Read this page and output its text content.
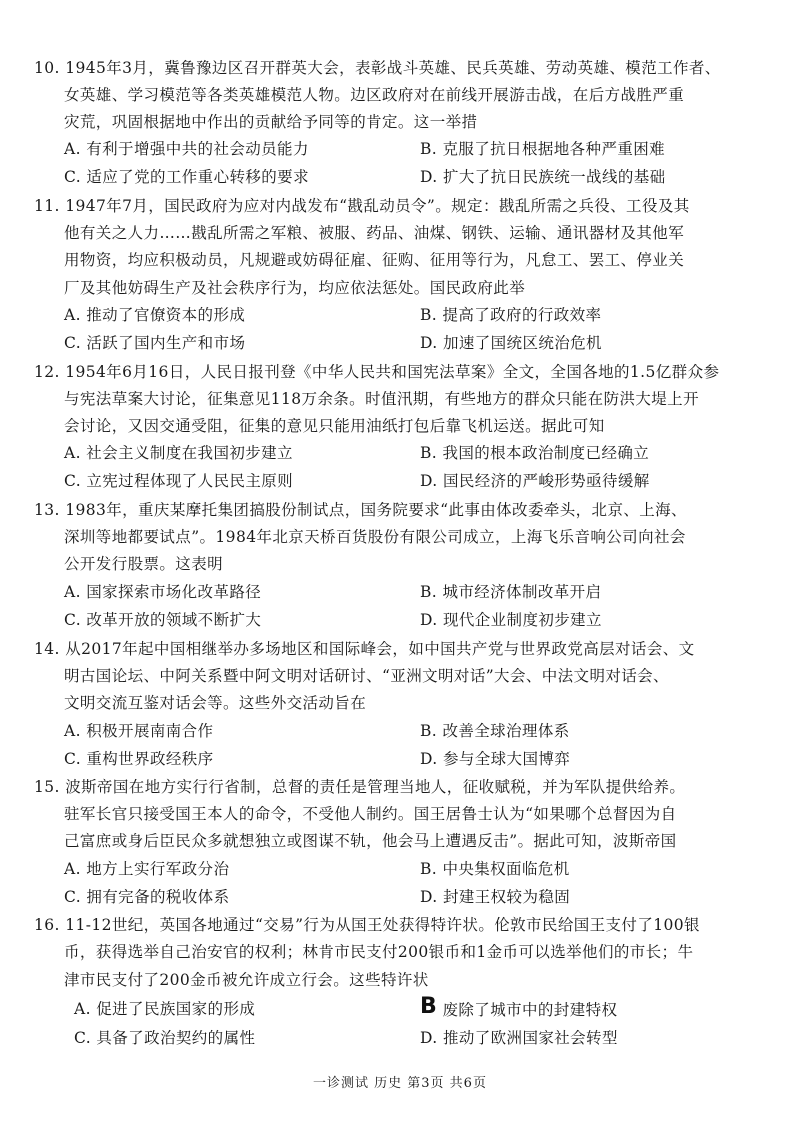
10. 1945年3月，冀鲁豫边区召开群英大会，表彰战斗英雄、民兵英雄、劳动英雄、模范工作者、
女英雄、学习模范等各类英雄模范人物。边区政府对在前线开展游击战，在后方战胜严重
灾荒，巩固根据地中作出的贡献给予同等的肯定。这一举措
A. 有利于增强中共的社会动员能力	B. 克服了抗日根据地各种严重困难
C. 适应了党的工作重心转移的要求	D. 扩大了抗日民族统一战线的基础
11. 1947年7月，国民政府为应对内战发布“戡乱动员令”。规定：戡乱所需之兵役、工役及其
他有关之人力……戡乱所需之军粮、被服、药品、油煤、钢铁、运输、通讯器材及其他军
用物资，均应积极动员，凡规避或妨碍征雇、征购、征用等行为，凡怠工、罢工、停业关
厂及其他妨碍生产及社会秩序行为，均应依法惩处。国民政府此举
A. 推动了官僚资本的形成	B. 提高了政府的行政效率
C. 活跃了国内生产和市场	D. 加速了国统区统治危机
12. 1954年6月16日，人民日报刊登《中华人民共和国宪法草案》全文，全国各地的1.5亿群众参
与宪法草案大讨论，征集意见118万余条。时值汛期，有些地方的群众只能在防洪大堤上开
会讨论，又因交通受阻，征集的意见只能用油纸打包后靠飞机运送。据此可知
A. 社会主义制度在我国初步建立	B. 我国的根本政治制度已经确立
C. 立宪过程体现了人民民主原则	D. 国民经济的严峻形势亟待缓解
13. 1983年，重庆某摩托集团搞股份制试点，国务院要求“此事由体改委牵头，北京、上海、
深圳等地都要试点”。1984年北京天桥百货股份有限公司成立，上海飞乐音响公司向社会
公开发行股票。这表明
A. 国家探索市场化改革路径	B. 城市经济体制改革开启
C. 改革开放的领域不断扩大	D. 现代企业制度初步建立
14. 从2017年起中国相继举办多场地区和国际峰会，如中国共产党与世界政党高层对话会、文
明古国论坛、中阿关系暨中阿文明对话研讨、“亚洲文明对话”大会、中法文明对话会、
文明交流互鉴对话会等。这些外交活动旨在
A. 积极开展南南合作	B. 改善全球治理体系
C. 重构世界政经秩序	D. 参与全球大国博弈
15. 波斯帝国在地方实行行省制，总督的责任是管理当地人，征收赋税，并为军队提供给养。
驻军长官只接受国王本人的命令，不受他人制约。国王居鲁士认为“如果哪个总督因为自
己富庶或身后臣民众多就想独立或图谋不轨，他会马上遭遇反击”。据此可知，波斯帝国
A. 地方上实行军政分治	B. 中央集权面临危机
C. 拥有完备的税收体系	D. 封建王权较为稳固
16. 11-12世纪，英国各地通过“交易”行为从国王处获得特许状。伦敦市民给国王支付了100银
币，获得选举自己治安官的权利；林肯市民支付200银币和1金币可以选举他们的市长；牛
津市民支付了200金币被允许成立行会。这些特许状
A. 促进了民族国家的形成	B 废除了城市中的封建特权
C. 具备了政治契约的属性	D. 推动了欧洲国家社会转型
一诊测试 历史 第3页 共6页
